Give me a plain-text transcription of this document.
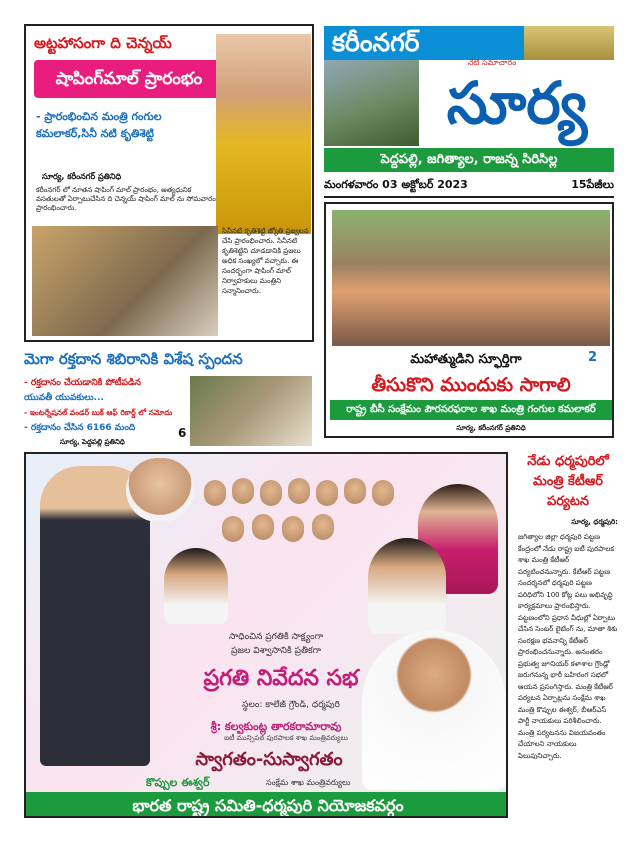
కరీంనగర్
సూర్య
నేటి సమాచారం
పెద్దపల్లి, జగిత్యాల, రాజన్న సిరిసిల్ల
మంగళవారం 03 అక్టోబర్ 2023	15పేజీలు
అట్టహాసంగా ది చెన్నయ్
షాపింగ్‌మాల్ ప్రారంభం
- ప్రారంభించిన మంత్రి గంగుల కమలాకర్,సినీ నటి కృతిశెట్టి
సూర్య, కరీంనగర్ ప్రతినిధి
కరీంనగర్ లో నూతన షాపింగ్ మాల్ ప్రారంభం, అత్యధునిక వసతులతో ఏర్పాటుచేసిన ది చెన్నయ్ షాపింగ్ మాల్ ను సోమవారం ప్రారంభించారు.
సినీనటి కృతిశెట్టి జ్యోతి ప్రజ్వలన చేసి ప్రారంభించారు. సినీనటి కృతిశెట్టిని చూడడానికి ప్రజలు అధిక సంఖ్యలో వచ్చారు. ఈ సందర్భంగా షాపింగ్ మాల్ నిర్వాహకులు మంత్రిని సన్మానించారు.
మెగా రక్తదాన శిబిరానికి విశేష స్పందన
- రక్తదానం చేయడానికి పోటీపడిన
యువతీ యువకులు...
- ఇంటర్నేషనల్ వండర్ బుక్ ఆఫ్ రికార్డ్ లో నమోదు
- రక్తదానం చేసిన 6166 మంది	6
సూర్య, పెద్దపల్లి ప్రతినిధి
మహాత్ముడిని స్ఫూర్తిగా	2
తీసుకొని ముందుకు సాగాలి
రాష్ట్ర బీసీ సంక్షేమం పౌరసరఫరాల శాఖ మంత్రి గంగుల కమలాకర్
సూర్య, కరీంనగర్ ప్రతినిధి
సాధించిన ప్రగతికి సాక్ష్యంగా
ప్రజల విశ్వాసానికి ప్రతీకగా
ప్రగతి నివేదన సభ
స్థలం: కాలేజ్ గ్రౌండ్, ధర్మపురి
శ్రీ: కల్వకుంట్ల తారకరామారావు
ఐటీ మున్సిపల్ పురపాలక శాఖ మంత్రివర్యులు
స్వాగతం-సుస్వాగతం
కొప్పుల ఈశ్వర్	సంక్షేమ శాఖ మంత్రివర్యులు
భారత రాష్ట్ర సమితి-ధర్మపురి నియోజకవర్గం
నేడు ధర్మపురిలో మంత్రి కేటీఆర్ పర్యటన
సూర్య, ధర్మపురి:
జగిత్యాల జిల్లా ధర్మపురి పట్టణ కేంద్రంలో నేడు రాష్ట్ర ఐటీ పురపాలక శాఖ మంత్రి కేటీఆర్ పర్యటించనున్నారు. కేటీఆర్ పట్టణ సందర్శనలో ధర్మపురి పట్టణ పరిధిలోని 100 కోట్ల పలు అభివృద్ధి కార్యక్రమాలు ప్రారంభిస్తారు. పట్టణంలోని ప్రధాన వీధుల్లో ఏర్పాటు చేసిన సెంటర్ లైటింగ్ ను, మాతా శిశు సంరక్షణ భవనాన్ని కేటీఆర్ ప్రారంభించనున్నారు. అనంతరం ప్రభుత్వ జూనియర్ కళాశాల గ్రౌండ్లో జరుగనున్న భారీ బహిరంగ సభలో ఆయన ప్రసంగిస్తారు. మంత్రి కేటీఆర్ పర్యటన ఏర్పాట్లను సంక్షేమ శాఖ మంత్రి కొప్పుల ఈశ్వర్, బీఆర్ఎస్ పార్టీ నాయకులు పరిశీలించారు. మంత్రి పర్యటనను విజయవంతం చేయాలని నాయకులు పిలుపునిచ్చారు.
